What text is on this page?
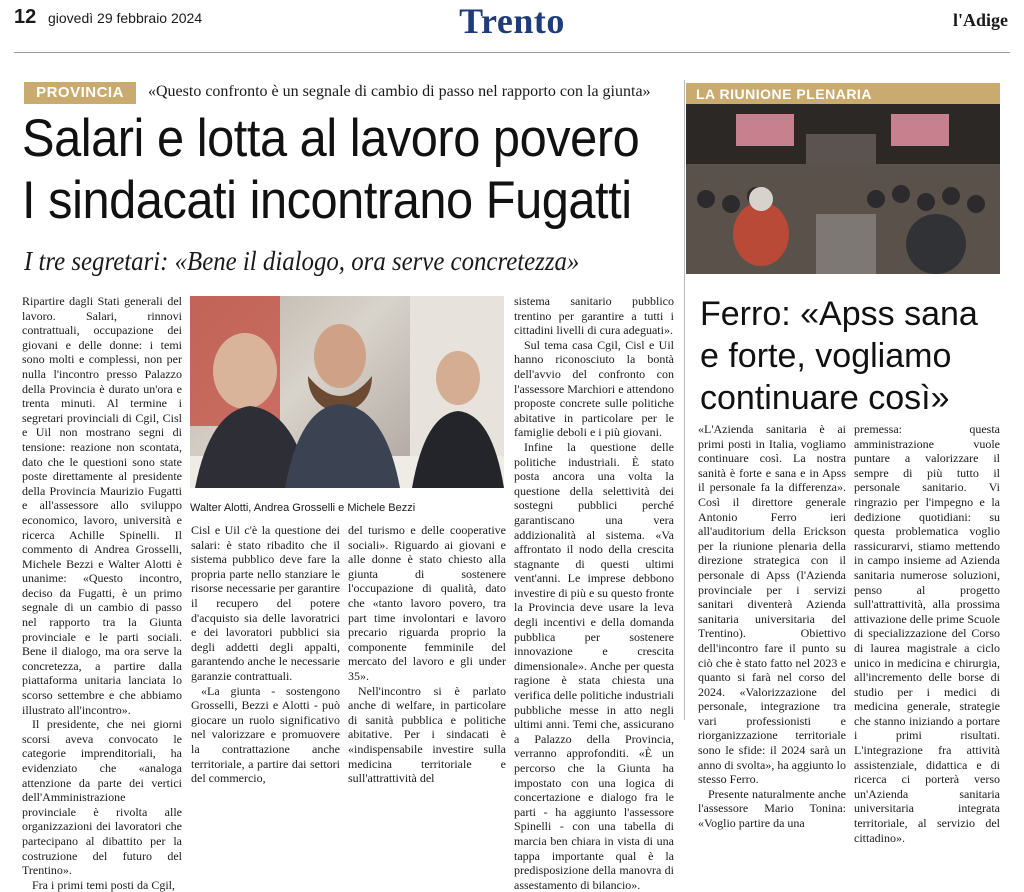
12 giovedì 29 febbraio 2024	Trento	l'Adige
PROVINCIA	«Questo confronto è un segnale di cambio di passo nel rapporto con la giunta»
Salari e lotta al lavoro povero
I sindacati incontrano Fugatti
I tre segretari: «Bene il dialogo, ora serve concretezza»

Ripartire dagli Stati generali del lavoro. Salari, rinnovi contrattuali, occupazione dei giovani e delle donne: i temi sono molti e complessi, non per nulla l'incontro presso Palazzo della Provincia è durato un'ora e trenta minuti. Al termine i segretari provinciali di Cgil, Cisl e Uil non mostrano segni di tensione: reazione non scontata, dato che le questioni sono state poste direttamente al presidente della Provincia Maurizio Fugatti e all'assessore allo sviluppo economico, lavoro, università e ricerca Achille Spinelli. Il commento di Andrea Grosselli, Michele Bezzi e Walter Alotti è unanime: «Questo incontro, deciso da Fugatti, è un primo segnale di un cambio di passo nel rapporto tra la Giunta provinciale e le parti sociali. Bene il dialogo, ma ora serve la concretezza, a partire dalla piattaforma unitaria lanciata lo scorso settembre e che abbiamo illustrato all'incontro».

Il presidente, che nei giorni scorsi aveva convocato le categorie imprenditoriali, ha evidenziato che «analoga attenzione da parte dei vertici dell'Amministrazione provinciale è rivolta alle organizzazioni dei lavoratori che partecipano al dibattito per la costruzione del futuro del Trentino».

Fra i primi temi posti da Cgil,

Walter Alotti, Andrea Grosselli e Michele Bezzi

Cisl e Uil c'è la questione dei salari: è stato ribadito che il sistema pubblico deve fare la propria parte nello stanziare le risorse necessarie per garantire il recupero del potere d'acquisto sia delle lavoratrici e dei lavoratori pubblici sia degli addetti degli appalti, garantendo anche le necessarie garanzie contrattuali.

«La giunta - sostengono Grosselli, Bezzi e Alotti - può giocare un ruolo significativo nel valorizzare e promuovere la contrattazione anche territoriale, a partire dai settori del commercio,

del turismo e delle cooperative sociali». Riguardo ai giovani e alle donne è stato chiesto alla giunta di sostenere l'occupazione di qualità, dato che «tanto lavoro povero, tra part time involontari e lavoro precario riguarda proprio la componente femminile del mercato del lavoro e gli under 35».

Nell'incontro si è parlato anche di welfare, in particolare di sanità pubblica e politiche abitative. Per i sindacati è «indispensabile investire sulla medicina territoriale e sull'attrattività del

sistema sanitario pubblico trentino per garantire a tutti i cittadini livelli di cura adeguati».

Sul tema casa Cgil, Cisl e Uil hanno riconosciuto la bontà dell'avvio del confronto con l'assessore Marchiori e attendono proposte concrete sulle politiche abitative in particolare per le famiglie deboli e i più giovani.

Infine la questione delle politiche industriali. È stato posta ancora una volta la questione della selettività dei sostegni pubblici perché garantiscano una vera addizionalità al sistema. «Va affrontato il nodo della crescita stagnante di questi ultimi vent'anni. Le imprese debbono investire di più e su questo fronte la Provincia deve usare la leva degli incentivi e della domanda pubblica per sostenere innovazione e crescita dimensionale». Anche per questa ragione è stata chiesta una verifica delle politiche industriali pubbliche messe in atto negli ultimi anni. Temi che, assicurano a Palazzo della Provincia, verranno approfonditi. «È un percorso che la Giunta ha impostato con una logica di concertazione e dialogo fra le parti - ha aggiunto l'assessore Spinelli - con una tabella di marcia ben chiara in vista di una tappa importante qual è la predisposizione della manovra di assestamento di bilancio».

LA RIUNIONE PLENARIA
Ferro: «Apss sana e forte, vogliamo continuare così»

«L'Azienda sanitaria è ai primi posti in Italia, vogliamo continuare così. La nostra sanità è forte e sana e in Apss il personale fa la differenza». Così il direttore generale Antonio Ferro ieri all'auditorium della Erickson per la riunione plenaria della direzione strategica con il personale di Apss (l'Azienda provinciale per i servizi sanitari diventerà Azienda sanitaria universitaria del Trentino). Obiettivo dell'incontro fare il punto su ciò che è stato fatto nel 2023 e quanto si farà nel corso del 2024. «Valorizzazione del personale, integrazione tra vari professionisti e riorganizzazione territoriale sono le sfide: il 2024 sarà un anno di svolta», ha aggiunto lo stesso Ferro.

Presente naturalmente anche l'assessore Mario Tonina: «Voglio partire da una

premessa: questa amministrazione vuole puntare a valorizzare il sempre di più tutto il personale sanitario. Vi ringrazio per l'impegno e la dedizione quotidiani: su questa problematica voglio rassicurarvi, stiamo mettendo in campo insieme ad Azienda sanitaria numerose soluzioni, penso al progetto sull'attrattività, alla prossima attivazione delle prime Scuole di specializzazione del Corso di laurea magistrale a ciclo unico in medicina e chirurgia, all'incremento delle borse di studio per i medici di medicina generale, strategie che stanno iniziando a portare i primi risultati. L'integrazione fra attività assistenziale, didattica e di ricerca ci porterà verso un'Azienda sanitaria universitaria integrata territoriale, al servizio del cittadino».
